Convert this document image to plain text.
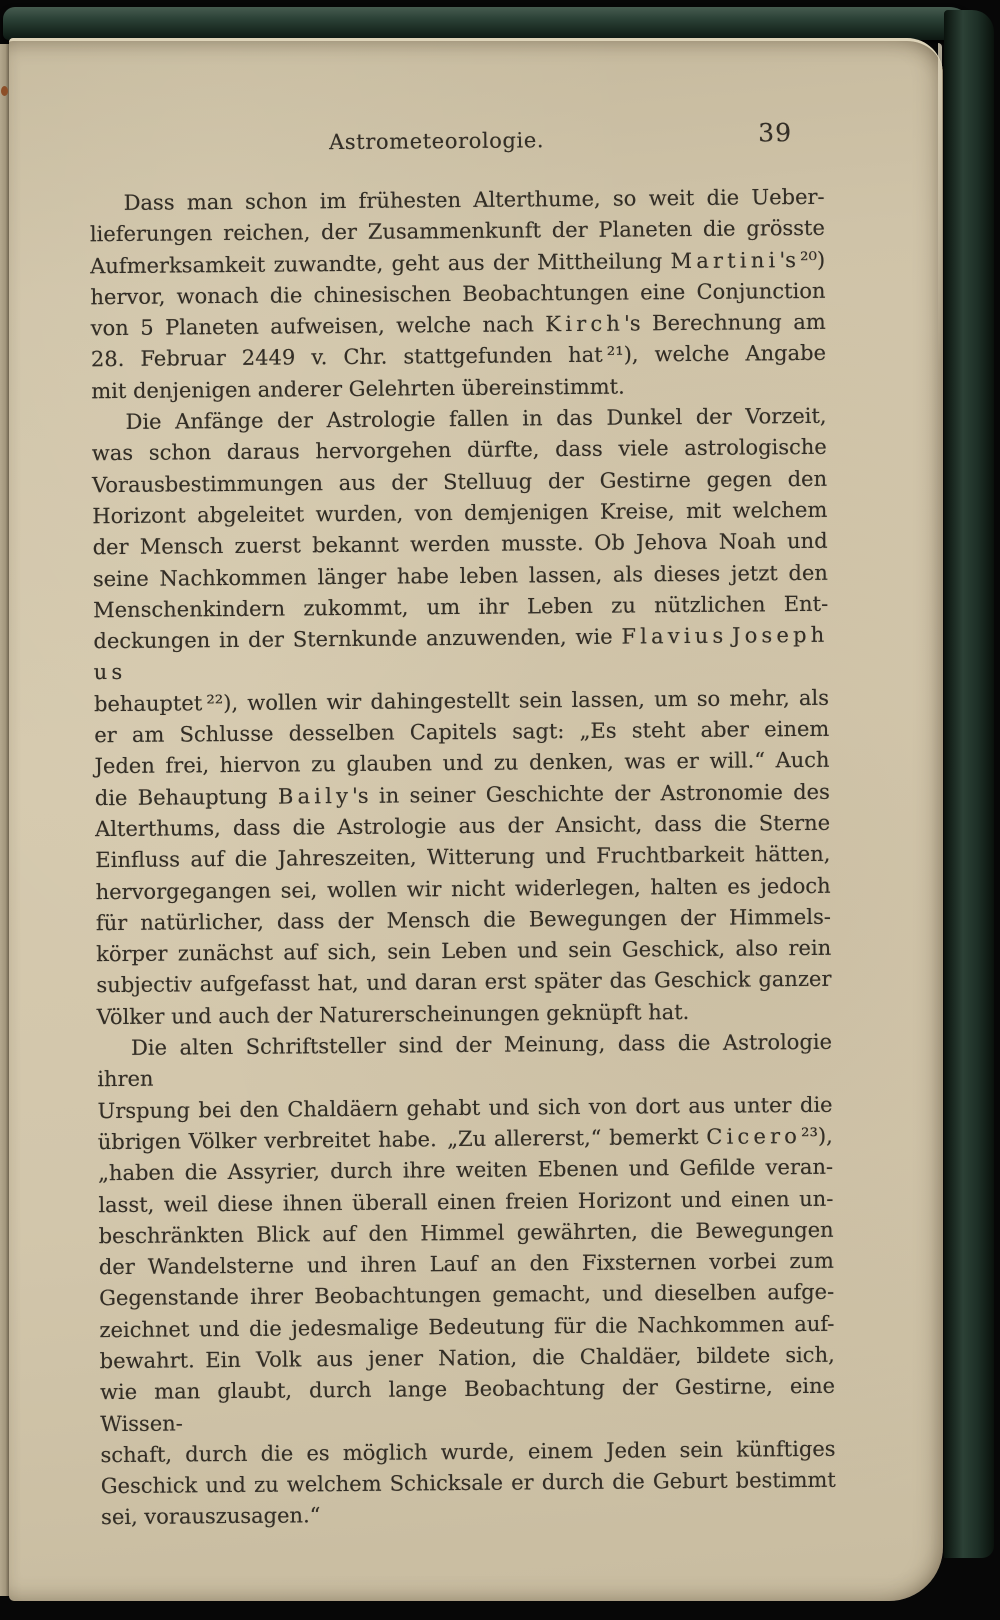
Astrometeorologie.	39
Dass man schon im frühesten Alterthume, so weit die Ueber-
lieferungen reichen, der Zusammenkunft der Planeten die grösste
Aufmerksamkeit zuwandte, geht aus der Mittheilung M a r t i n i 's ²⁰)
hervor, wonach die chinesischen Beobachtungen eine Conjunction
von 5 Planeten aufweisen, welche nach K i r c h 's Berechnung am
28. Februar 2449 v. Chr. stattgefunden hat ²¹), welche Angabe
mit denjenigen anderer Gelehrten übereinstimmt.
Die Anfänge der Astrologie fallen in das Dunkel der Vorzeit,
was schon daraus hervorgehen dürfte, dass viele astrologische
Vorausbestimmungen aus der Stelluug der Gestirne gegen den
Horizont abgeleitet wurden, von demjenigen Kreise, mit welchem
der Mensch zuerst bekannt werden musste. Ob Jehova Noah und
seine Nachkommen länger habe leben lassen, als dieses jetzt den
Menschenkindern zukommt, um ihr Leben zu nützlichen Ent-
deckungen in der Sternkunde anzuwenden, wie F l a v i u s J o s e p h u s
behauptet ²²), wollen wir dahingestellt sein lassen, um so mehr, als
er am Schlusse desselben Capitels sagt: „Es steht aber einem
Jeden frei, hiervon zu glauben und zu denken, was er will.“ Auch
die Behauptung B a i l y 's in seiner Geschichte der Astronomie des
Alterthums, dass die Astrologie aus der Ansicht, dass die Sterne
Einfluss auf die Jahreszeiten, Witterung und Fruchtbarkeit hätten,
hervorgegangen sei, wollen wir nicht widerlegen, halten es jedoch
für natürlicher, dass der Mensch die Bewegungen der Himmels-
körper zunächst auf sich, sein Leben und sein Geschick, also rein
subjectiv aufgefasst hat, und daran erst später das Geschick ganzer
Völker und auch der Naturerscheinungen geknüpft hat.
Die alten Schriftsteller sind der Meinung, dass die Astrologie ihren
Urspung bei den Chaldäern gehabt und sich von dort aus unter die
übrigen Völker verbreitet habe. „Zu allererst,“ bemerkt C i c e r o ²³),
„haben die Assyrier, durch ihre weiten Ebenen und Gefilde veran-
lasst, weil diese ihnen überall einen freien Horizont und einen un-
beschränkten Blick auf den Himmel gewährten, die Bewegungen
der Wandelsterne und ihren Lauf an den Fixsternen vorbei zum
Gegenstande ihrer Beobachtungen gemacht, und dieselben aufge-
zeichnet und die jedesmalige Bedeutung für die Nachkommen auf-
bewahrt. Ein Volk aus jener Nation, die Chaldäer, bildete sich,
wie man glaubt, durch lange Beobachtung der Gestirne, eine Wissen-
schaft, durch die es möglich wurde, einem Jeden sein künftiges
Geschick und zu welchem Schicksale er durch die Geburt bestimmt
sei, vorauszusagen.“
